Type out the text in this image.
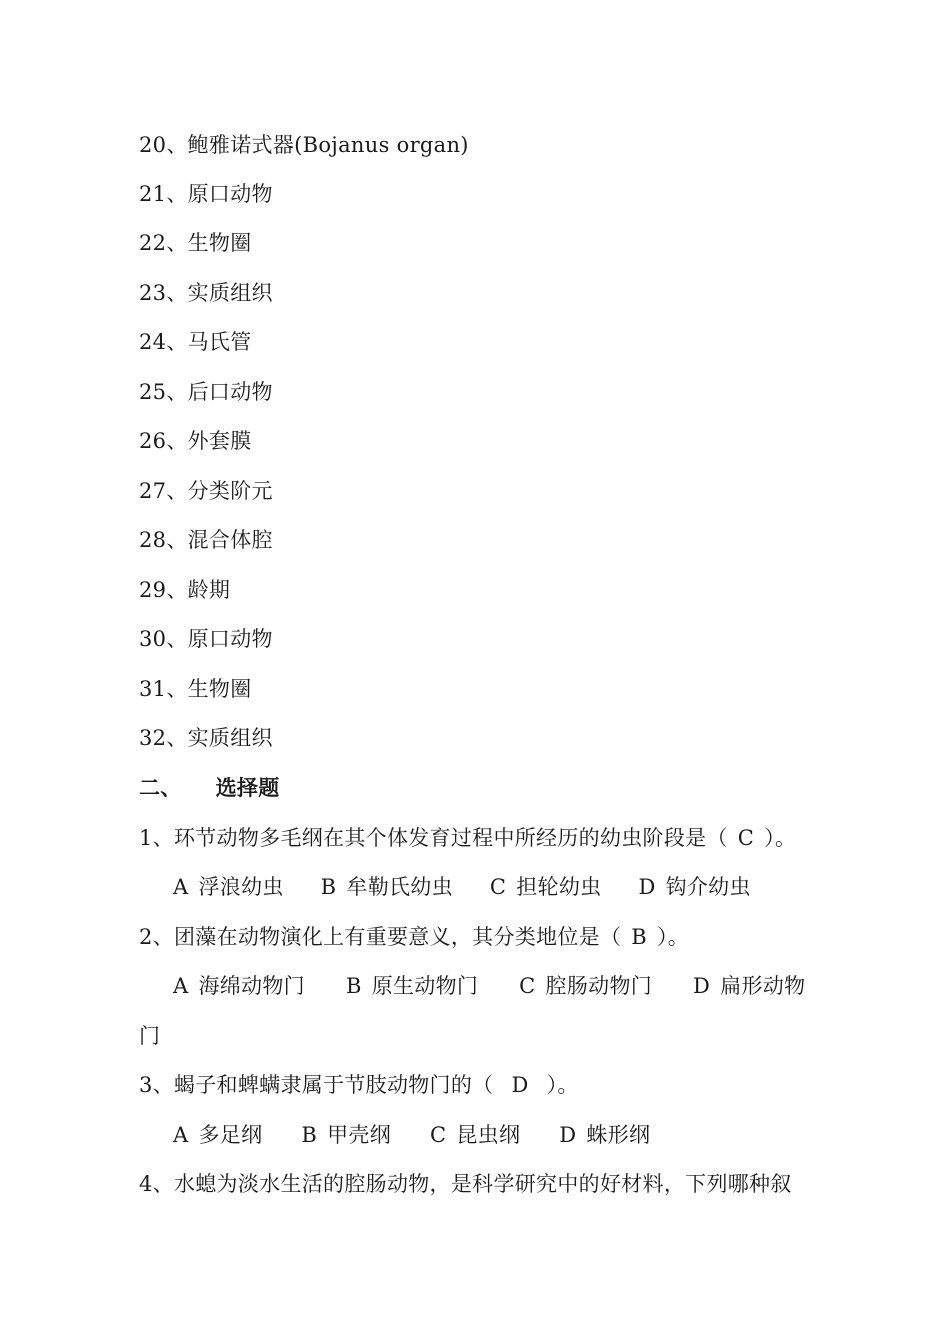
20、鲍雅诺式器(Bojanus organ)
21、原口动物
22、生物圈
23、实质组织
24、马氏管
25、后口动物
26、外套膜
27、分类阶元
28、混合体腔
29、龄期
30、原口动物
31、生物圈
32、实质组织
二、 选择题
1、环节动物多毛纲在其个体发育过程中所经历的幼虫阶段是（ C ）。
A 浮浪幼虫 B 牟勒氏幼虫 C 担轮幼虫 D 钩介幼虫
2、团藻在动物演化上有重要意义，其分类地位是（ B ）。
A 海绵动物门 B 原生动物门 C 腔肠动物门 D 扁形动物
门
3、蝎子和蜱螨隶属于节肢动物门的（ D ）。
A 多足纲 B 甲壳纲 C 昆虫纲 D 蛛形纲
4、水螅为淡水生活的腔肠动物，是科学研究中的好材料，下列哪种叙
